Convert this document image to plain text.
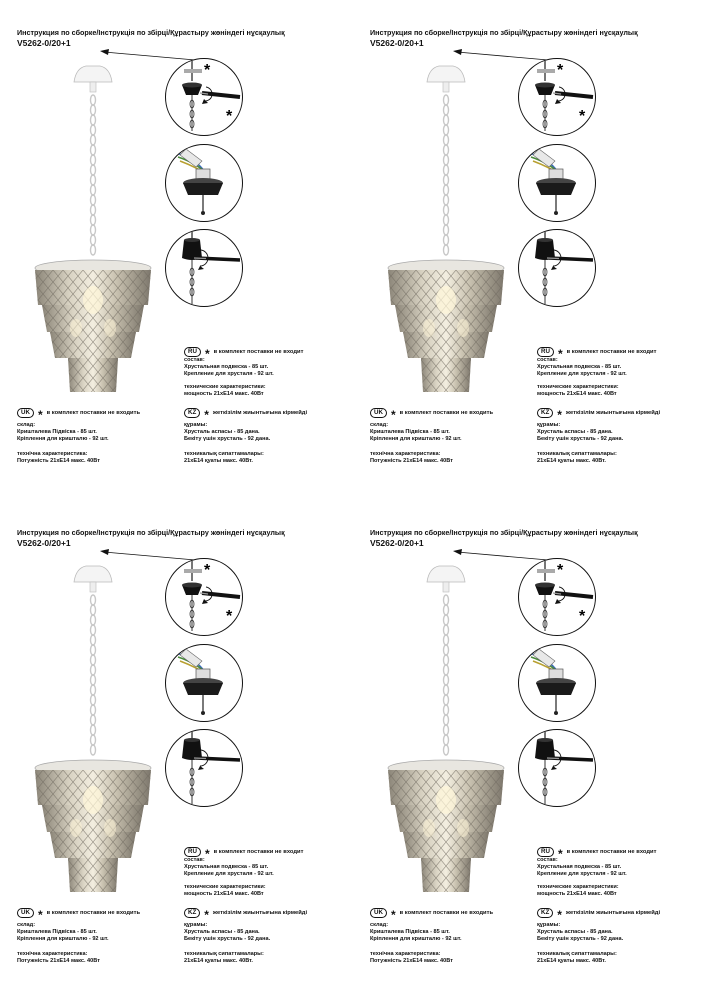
Инструкция по сборке/Інструкція по збірці/Құрастыру жөніндегі нұсқаулық
V5262-0/20+1
*
*
RU * в комплект поставки не входит
состав:
Хрустальная подвеска - 85 шт.
Крепление для хрусталя - 92 шт.
технические характеристики:
мощность 21хE14 макс. 40Вт
UK * в комплект поставки не входить
склад:
Кришталева Підвіска - 85 шт.
Кріплення для кришталю - 92 шт.
технічна характеристика:
Потужність 21хE14 макс. 40Вт
KZ * жеткізілім жиынтығына кірмейді
құрамы:
Хрусталь аспасы - 85 дана.
Бекіту үшін хрусталь - 92 дана.
техникалық сипаттамалары:
21хE14 қуаты макс. 40Вт.
Инструкция по сборке/Інструкція по збірці/Құрастыру жөніндегі нұсқаулық
V5262-0/20+1
*
*
RU * в комплект поставки не входит
состав:
Хрустальная подвеска - 85 шт.
Крепление для хрусталя - 92 шт.
технические характеристики:
мощность 21хE14 макс. 40Вт
UK * в комплект поставки не входить
склад:
Кришталева Підвіска - 85 шт.
Кріплення для кришталю - 92 шт.
технічна характеристика:
Потужність 21хE14 макс. 40Вт
KZ * жеткізілім жиынтығына кірмейді
құрамы:
Хрусталь аспасы - 85 дана.
Бекіту үшін хрусталь - 92 дана.
техникалық сипаттамалары:
21хE14 қуаты макс. 40Вт.
Инструкция по сборке/Інструкція по збірці/Құрастыру жөніндегі нұсқаулық
V5262-0/20+1
*
*
RU * в комплект поставки не входит
состав:
Хрустальная подвеска - 85 шт.
Крепление для хрусталя - 92 шт.
технические характеристики:
мощность 21хE14 макс. 40Вт
UK * в комплект поставки не входить
склад:
Кришталева Підвіска - 85 шт.
Кріплення для кришталю - 92 шт.
технічна характеристика:
Потужність 21хE14 макс. 40Вт
KZ * жеткізілім жиынтығына кірмейді
құрамы:
Хрусталь аспасы - 85 дана.
Бекіту үшін хрусталь - 92 дана.
техникалық сипаттамалары:
21хE14 қуаты макс. 40Вт.
Инструкция по сборке/Інструкція по збірці/Құрастыру жөніндегі нұсқаулық
V5262-0/20+1
*
*
RU * в комплект поставки не входит
состав:
Хрустальная подвеска - 85 шт.
Крепление для хрусталя - 92 шт.
технические характеристики:
мощность 21хE14 макс. 40Вт
UK * в комплект поставки не входить
склад:
Кришталева Підвіска - 85 шт.
Кріплення для кришталю - 92 шт.
технічна характеристика:
Потужність 21хE14 макс. 40Вт
KZ * жеткізілім жиынтығына кірмейді
құрамы:
Хрусталь аспасы - 85 дана.
Бекіту үшін хрусталь - 92 дана.
техникалық сипаттамалары:
21хE14 қуаты макс. 40Вт.
